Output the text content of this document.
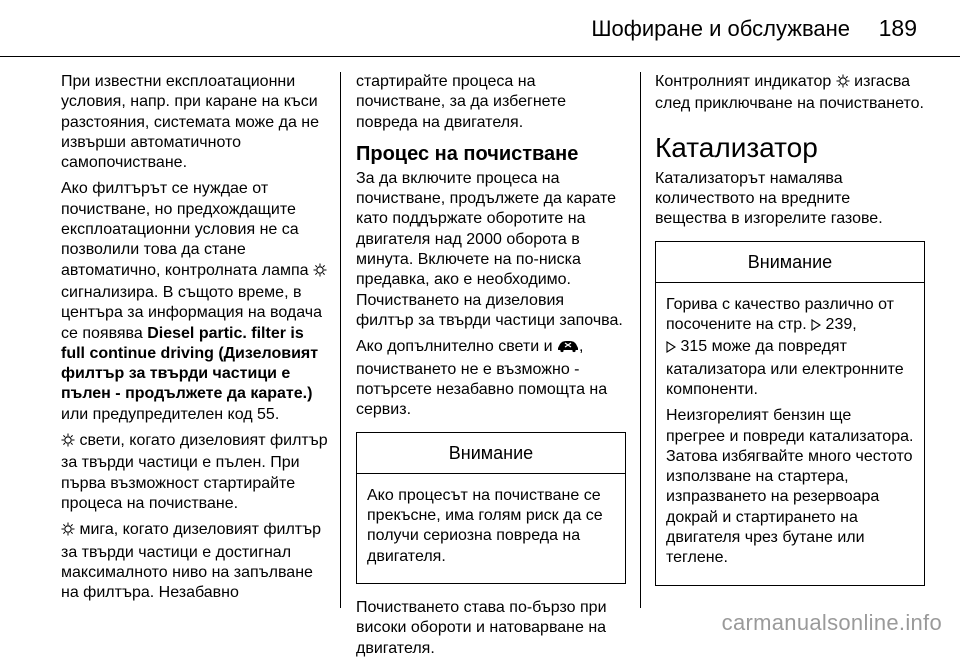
Шофиране и обслужване 189

При известни експлоатационни условия, напр. при каране на къси разстояния, системата може да не извърши автоматичното самопочистване.

Ако филтърът се нуждае от почистване, но предхождащите експлоатационни условия не са позволили това да стане автоматично, контролната лампа  сигнализира. В същото време, в центъра за информация на водача се появява Diesel partic. filter is full continue driving (Дизеловият филтър за твърди частици е пълен - продължете да карате.) или предупредителен код 55.

свети, когато дизеловият филтър за твърди частици е пълен. При първа възможност стартирайте процеса на почистване.

мига, когато дизеловият филтър за твърди частици е достигнал максималното ниво на запълване на филтъра. Незабавно

стартирайте процеса на почистване, за да избегнете повреда на двигателя.

Процес на почистване

За да включите процеса на почистване, продължете да карате като поддържате оборотите на двигателя над 2000 оборота в минута. Включете на по-ниска предавка, ако е необходимо. Почистването на дизеловия филтър за твърди частици започва.

Ако допълнително свети и , почистването не е възможно - потърсете незабавно помощта на сервиз.

Внимание

Ако процесът на почистване се прекъсне, има голям риск да се получи сериозна повреда на двигателя.

Почистването става по-бързо при високи обороти и натоварване на двигателя.

Контролният индикатор изгасва след приключване на почистването.

Катализатор

Катализаторът намалява количеството на вредните вещества в изгорелите газове.

Внимание

Горива с качество различно от посочените на стр. 239,
315 може да повредят катализатора или електронните компоненти.

Неизгорелият бензин ще прегрее и повреди катализатора. Затова избягвайте много честото използване на стартера, изпразването на резервоара докрай и стартирането на двигателя чрез бутане или теглене.

carmanualsonline.info
